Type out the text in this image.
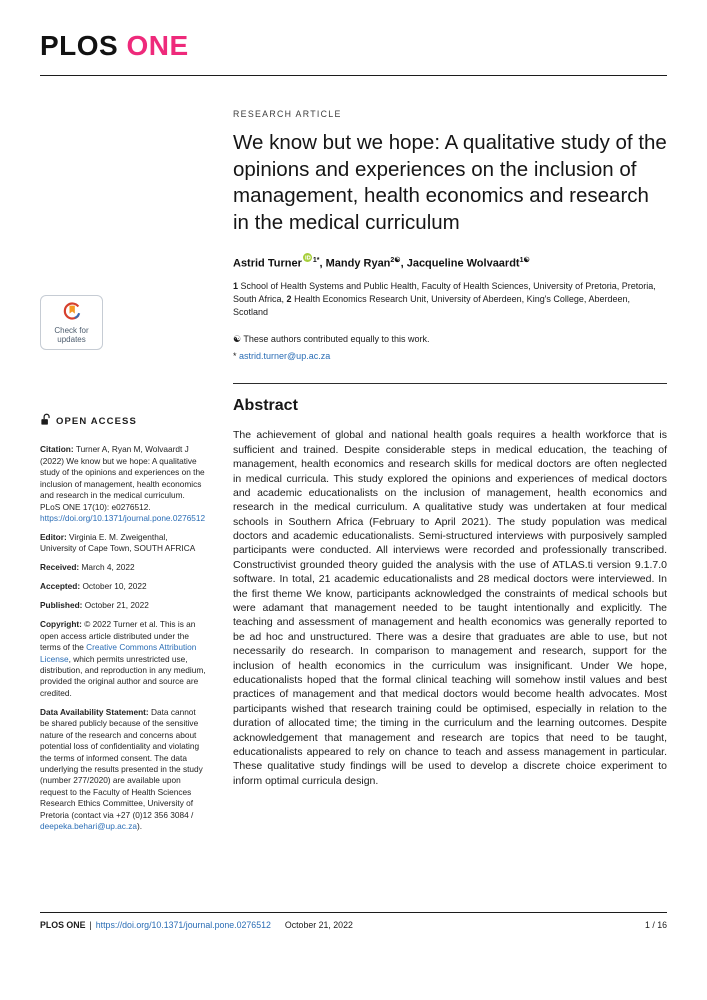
PLOS ONE
Check for updates
OPEN ACCESS

Citation: Turner A, Ryan M, Wolvaardt J (2022) We know but we hope: A qualitative study of the opinions and experiences on the inclusion of management, health economics and research in the medical curriculum. PLoS ONE 17(10): e0276512. https://doi.org/10.1371/journal.pone.0276512

Editor: Virginia E. M. Zweigenthal, University of Cape Town, SOUTH AFRICA

Received: March 4, 2022

Accepted: October 10, 2022

Published: October 21, 2022

Copyright: © 2022 Turner et al. This is an open access article distributed under the terms of the Creative Commons Attribution License, which permits unrestricted use, distribution, and reproduction in any medium, provided the original author and source are credited.

Data Availability Statement: Data cannot be shared publicly because of the sensitive nature of the research and concerns about potential loss of confidentiality and violating the terms of informed consent. The data underlying the results presented in the study (number 277/2020) are available upon request to the Faculty of Health Sciences Research Ethics Committee, University of Pretoria (contact via +27 (0)12 356 3084 / deepeka.behari@up.ac.za).

RESEARCH ARTICLE

We know but we hope: A qualitative study of the opinions and experiences on the inclusion of management, health economics and research in the medical curriculum

Astrid Turner $^{1*}$, Mandy Ryan$^{2☯}$, Jacqueline Wolvaardt$^{1☯}$

1 School of Health Systems and Public Health, Faculty of Health Sciences, University of Pretoria, Pretoria, South Africa, 2 Health Economics Research Unit, University of Aberdeen, King's College, Aberdeen, Scotland

☯ These authors contributed equally to this work.

* astrid.turner@up.ac.za

Abstract

The achievement of global and national health goals requires a health workforce that is sufficient and trained. Despite considerable steps in medical education, the teaching of management, health economics and research skills for medical doctors are often neglected in medical curricula. This study explored the opinions and experiences of medical doctors and academic educationalists on the inclusion of management, health economics and research in the medical curriculum. A qualitative study was undertaken at four medical schools in Southern Africa (February to April 2021). The study population was medical doctors and academic educationalists. Semi-structured interviews with purposively sampled participants were conducted. All interviews were recorded and professionally transcribed. Constructivist grounded theory guided the analysis with the use of ATLAS.ti version 9.1.7.0 software. In total, 21 academic educationalists and 28 medical doctors were interviewed. In the first theme We know, participants acknowledged the constraints of medical schools but were adamant that management needed to be taught intentionally and explicitly. The teaching and assessment of management and health economics was generally reported to be ad hoc and unstructured. There was a desire that graduates are able to use, but not necessarily do research. In comparison to management and research, support for the inclusion of health economics in the curriculum was insignificant. Under We hope, educationalists hoped that the formal clinical teaching will somehow instil values and best practices of management and that medical doctors would become health advocates. Most participants wished that research training could be optimised, especially in relation to the duration of allocated time; the timing in the curriculum and the learning outcomes. Despite acknowledgement that management and research are topics that need to be taught, educationalists appeared to rely on chance to teach and assess management in particular. These qualitative study findings will be used to develop a discrete choice experiment to inform optimal curricula design.

PLOS ONE | https://doi.org/10.1371/journal.pone.0276512 October 21, 2022	1 / 16
